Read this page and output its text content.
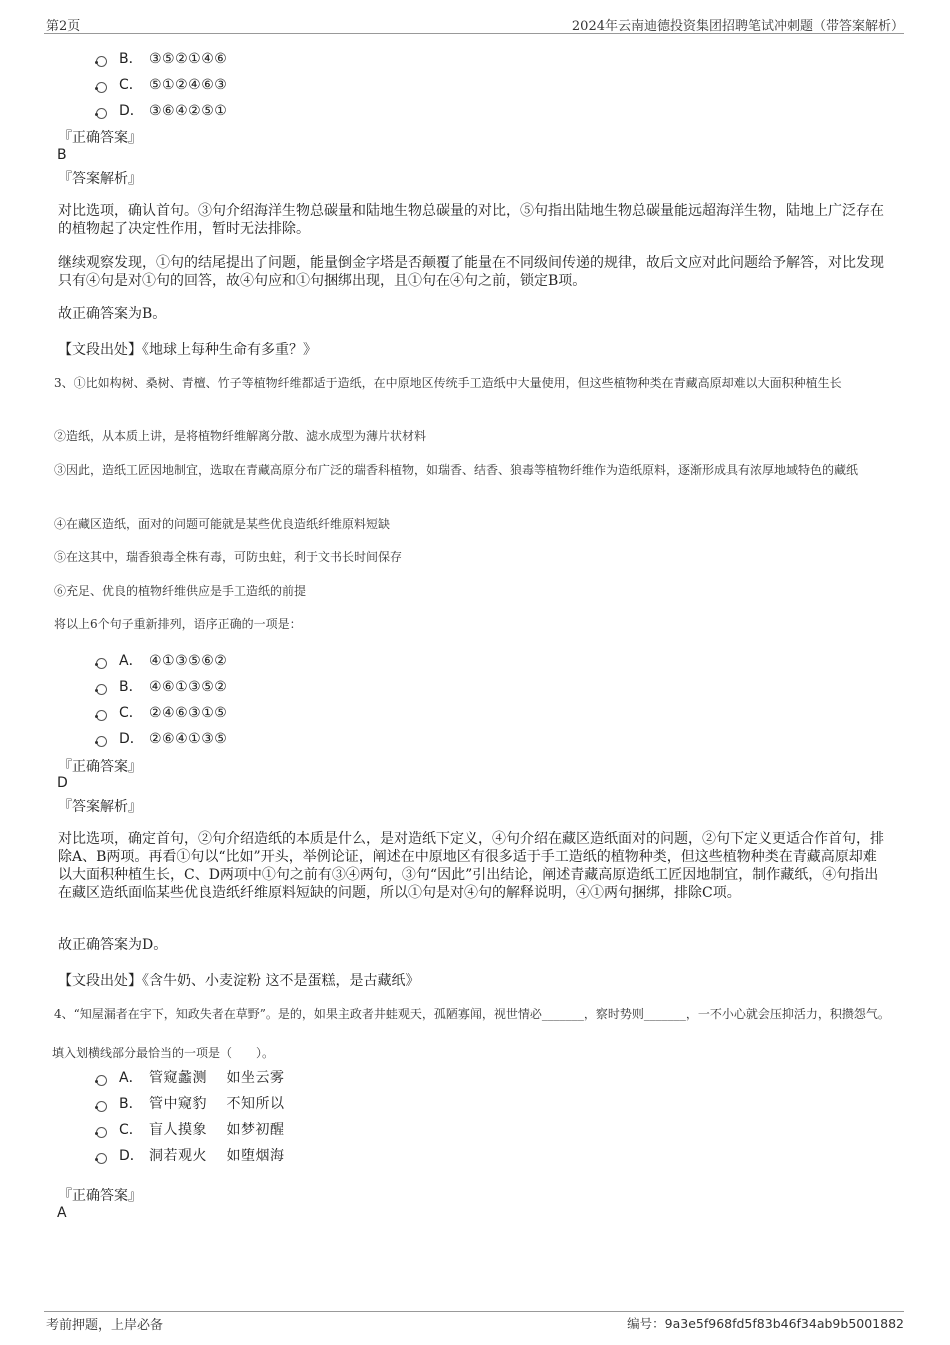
第2页	2024年云南迪德投资集团招聘笔试冲刺题（带答案解析）
B． ③⑤②①④⑥
C． ⑤①②④⑥③
D． ③⑥④②⑤①
『正确答案』
B
『答案解析』
对比选项，确认首句。③句介绍海洋生物总碳量和陆地生物总碳量的对比，⑤句指出陆地生物总碳量能远超海洋生物，陆地上广泛存在的植物起了决定性作用，暂时无法排除。
继续观察发现，①句的结尾提出了问题，能量倒金字塔是否颠覆了能量在不同级间传递的规律，故后文应对此问题给予解答，对比发现只有④句是对①句的回答，故④句应和①句捆绑出现，且①句在④句之前，锁定B项。
故正确答案为B。
【文段出处】《地球上每种生命有多重？》
3、①比如构树、桑树、青檀、竹子等植物纤维都适于造纸，在中原地区传统手工造纸中大量使用，但这些植物种类在青藏高原却难以大面积种植生长
②造纸，从本质上讲，是将植物纤维解离分散、滤水成型为薄片状材料
③因此，造纸工匠因地制宜，选取在青藏高原分布广泛的瑞香科植物，如瑞香、结香、狼毒等植物纤维作为造纸原料，逐渐形成具有浓厚地域特色的藏纸
④在藏区造纸，面对的问题可能就是某些优良造纸纤维原料短缺
⑤在这其中，瑞香狼毒全株有毒，可防虫蛀，利于文书长时间保存
⑥充足、优良的植物纤维供应是手工造纸的前提
将以上6个句子重新排列，语序正确的一项是：
A． ④①③⑤⑥②
B． ④⑥①③⑤②
C． ②④⑥③①⑤
D． ②⑥④①③⑤
『正确答案』
D
『答案解析』
对比选项，确定首句，②句介绍造纸的本质是什么，是对造纸下定义，④句介绍在藏区造纸面对的问题，②句下定义更适合作首句，排除A、B两项。再看①句以“比如”开头，举例论证，阐述在中原地区有很多适于手工造纸的植物种类，但这些植物种类在青藏高原却难以大面积种植生长，C、D两项中①句之前有③④两句，③句“因此”引出结论，阐述青藏高原造纸工匠因地制宜，制作藏纸，④句指出在藏区造纸面临某些优良造纸纤维原料短缺的问题，所以①句是对④句的解释说明，④①两句捆绑，排除C项。
故正确答案为D。
【文段出处】《含牛奶、小麦淀粉 这不是蛋糕，是古藏纸》
4、“知屋漏者在宇下，知政失者在草野”。是的，如果主政者井蛙观天，孤陋寡闻，视世情必_______，察时势则_______，一不小心就会压抑活力，积攒怨气。
填入划横线部分最恰当的一项是（　　）。
A． 管窥蠡测　 如坐云雾
B． 管中窥豹　 不知所以
C． 盲人摸象　 如梦初醒
D． 洞若观火　 如堕烟海
『正确答案』
A
考前押题，上岸必备	编号：9a3e5f968fd5f83b46f34ab9b5001882
